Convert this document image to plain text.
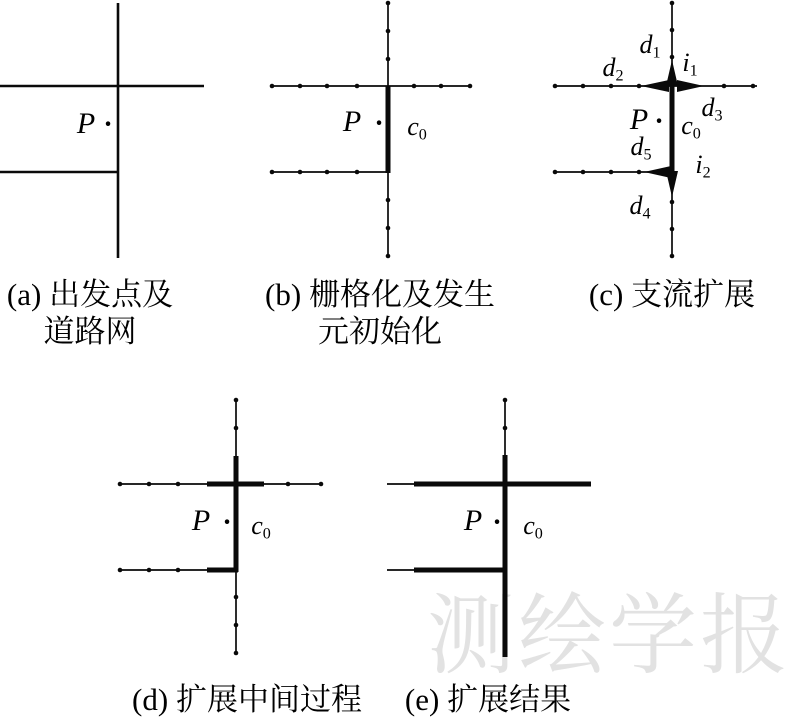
测绘学报
P ·	$P \cdot c_0$
$d_1$
$d_2$ $i_1$
$d_3$
$P \cdot c_0$
$d_5$ $i_2$
$d_4$
$P \cdot c_0$	$P \cdot c_0$
(a) 出发点及
道路网
(b) 栅格化及发生
元初始化
(c) 支流扩展
(d) 扩展中间过程 (e) 扩展结果
